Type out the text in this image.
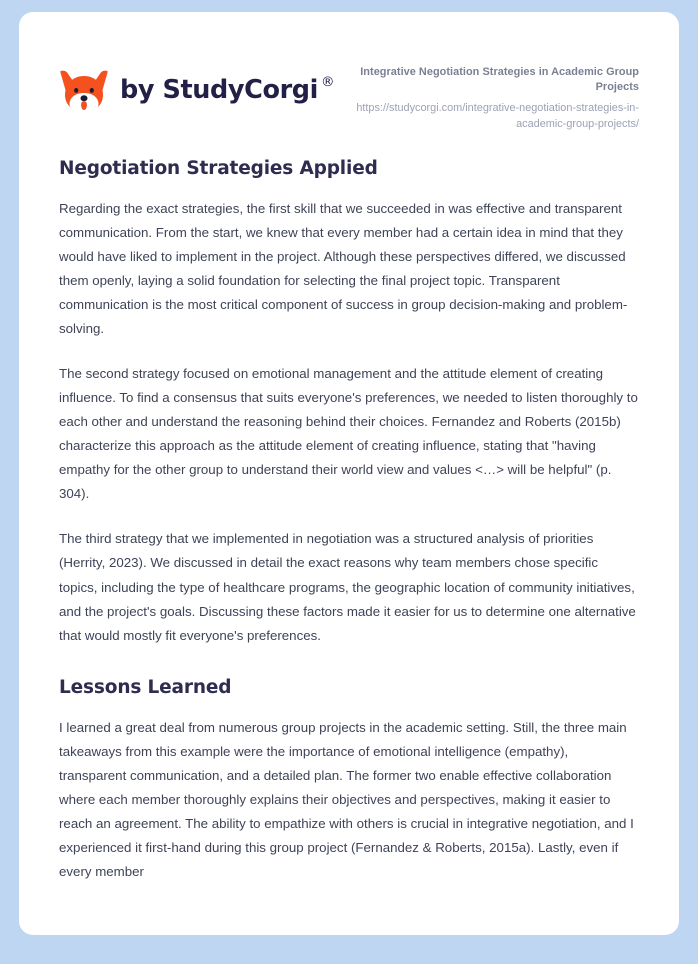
by StudyCorgi ®
Integrative Negotiation Strategies in Academic Group Projects
https://studycorgi.com/integrative-negotiation-strategies-in-academic-group-projects/
Negotiation Strategies Applied

Regarding the exact strategies, the first skill that we succeeded in was effective and transparent communication. From the start, we knew that every member had a certain idea in mind that they would have liked to implement in the project. Although these perspectives differed, we discussed them openly, laying a solid foundation for selecting the final project topic. Transparent communication is the most critical component of success in group decision-making and problem-solving.

The second strategy focused on emotional management and the attitude element of creating influence. To find a consensus that suits everyone's preferences, we needed to listen thoroughly to each other and understand the reasoning behind their choices. Fernandez and Roberts (2015b) characterize this approach as the attitude element of creating influence, stating that "having empathy for the other group to understand their world view and values <…> will be helpful" (p. 304).

The third strategy that we implemented in negotiation was a structured analysis of priorities (Herrity, 2023). We discussed in detail the exact reasons why team members chose specific topics, including the type of healthcare programs, the geographic location of community initiatives, and the project's goals. Discussing these factors made it easier for us to determine one alternative that would mostly fit everyone's preferences.

Lessons Learned

I learned a great deal from numerous group projects in the academic setting. Still, the three main takeaways from this example were the importance of emotional intelligence (empathy), transparent communication, and a detailed plan. The former two enable effective collaboration where each member thoroughly explains their objectives and perspectives, making it easier to reach an agreement. The ability to empathize with others is crucial in integrative negotiation, and I experienced it first-hand during this group project (Fernandez & Roberts, 2015a). Lastly, even if every member
